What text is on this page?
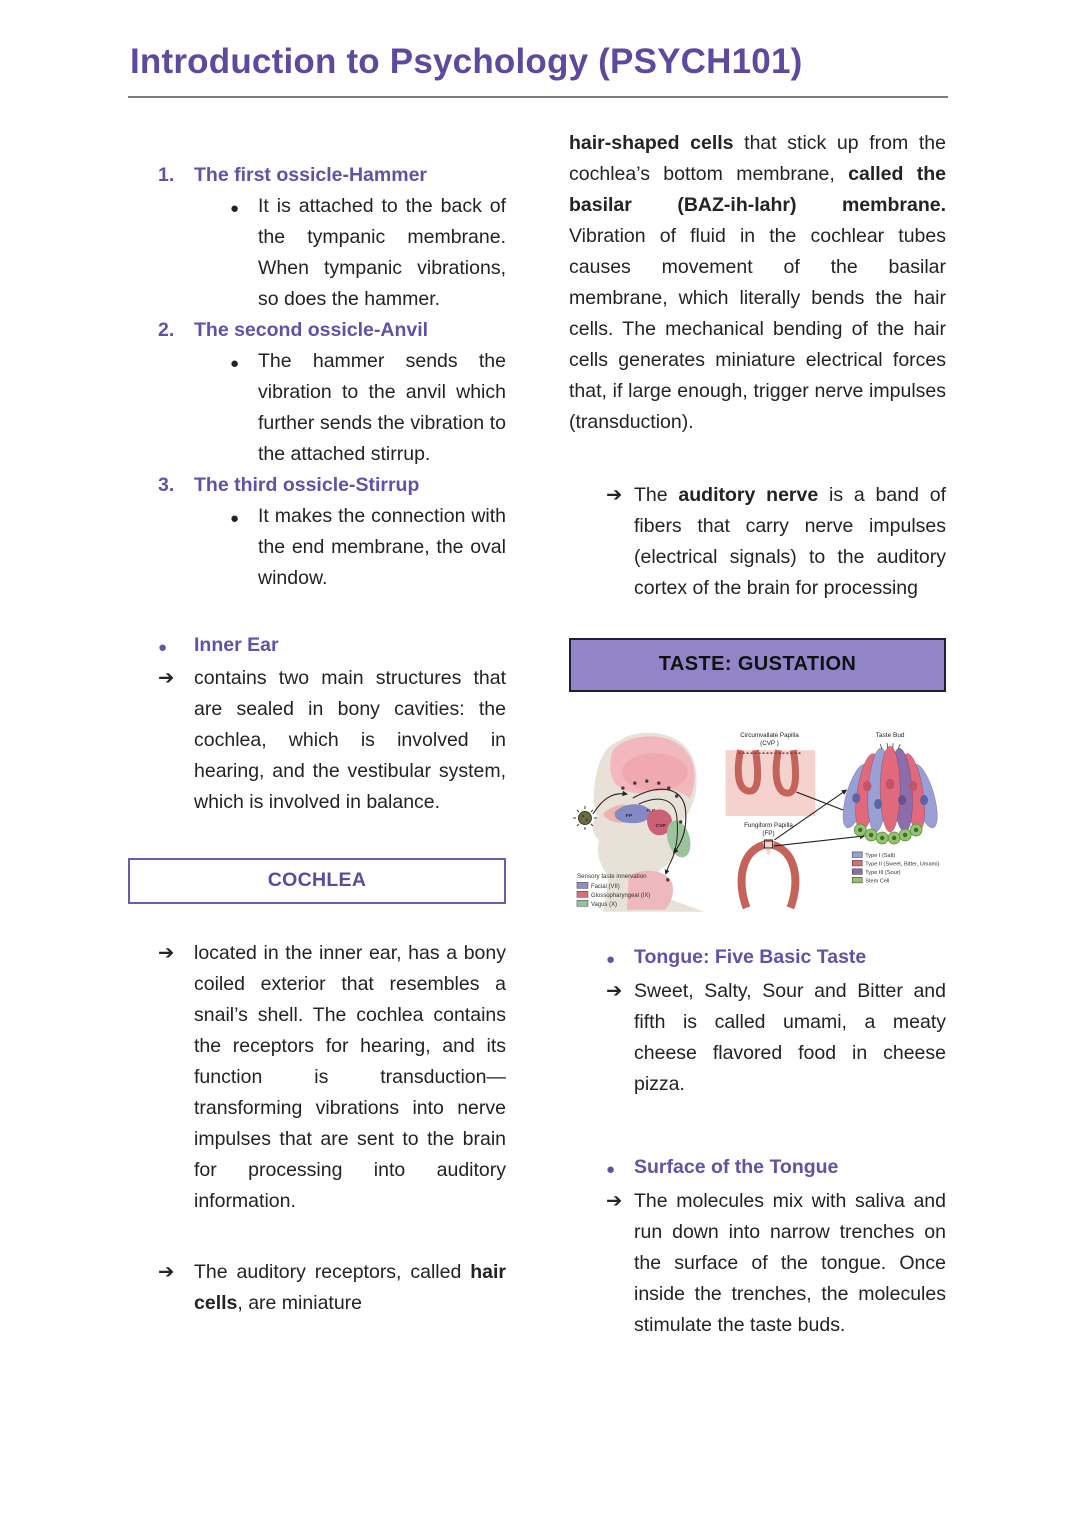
Introduction to Psychology (PSYCH101)
1.	The first ossicle-Hammer
● It is attached to the back of the tympanic membrane. When tympanic vibrations, so does the hammer.
2.	The second ossicle-Anvil
● The hammer sends the vibration to the anvil which further sends the vibration to the attached stirrup.
3.	The third ossicle-Stirrup
● It makes the connection with the end membrane, the oval window.
●	Inner Ear
➔	contains two main structures that are sealed in bony cavities: the cochlea, which is involved in hearing, and the vestibular system, which is involved in balance.
COCHLEA
➔	located in the inner ear, has a bony coiled exterior that resembles a snail’s shell. The cochlea contains the receptors for hearing, and its function is transduction—transforming vibrations into nerve impulses that are sent to the brain for processing into auditory information.
➔	The auditory receptors, called hair cells, are miniature

hair-shaped cells that stick up from the cochlea’s bottom membrane, called the basilar (BAZ-ih-lahr) membrane. Vibration of fluid in the cochlear tubes causes movement of the basilar membrane, which literally bends the hair cells. The mechanical bending of the hair cells generates miniature electrical forces that, if large enough, trigger nerve impulses (transduction).

➔ The auditory nerve is a band of fibers that carry nerve impulses (electrical signals) to the auditory cortex of the brain for processing
TASTE: GUSTATION
FP
FLP
CVP
Sensory taste innervation
Facial (VII)
Glossopharyngeal (IX)
Vagus (X)
Circumvallate Papilla
(CVP )
Fungiform Papilla
(FP)
Taste Bud
Type I (Salt)
Type II (Sweet, Bitter, Umami)
Type III (Sour)
Stem Cell
● Tongue: Five Basic Taste
➔ Sweet, Salty, Sour and Bitter and fifth is called umami, a meaty cheese flavored food in cheese pizza.
● Surface of the Tongue
➔ The molecules mix with saliva and run down into narrow trenches on the surface of the tongue. Once inside the trenches, the molecules stimulate the taste buds.
